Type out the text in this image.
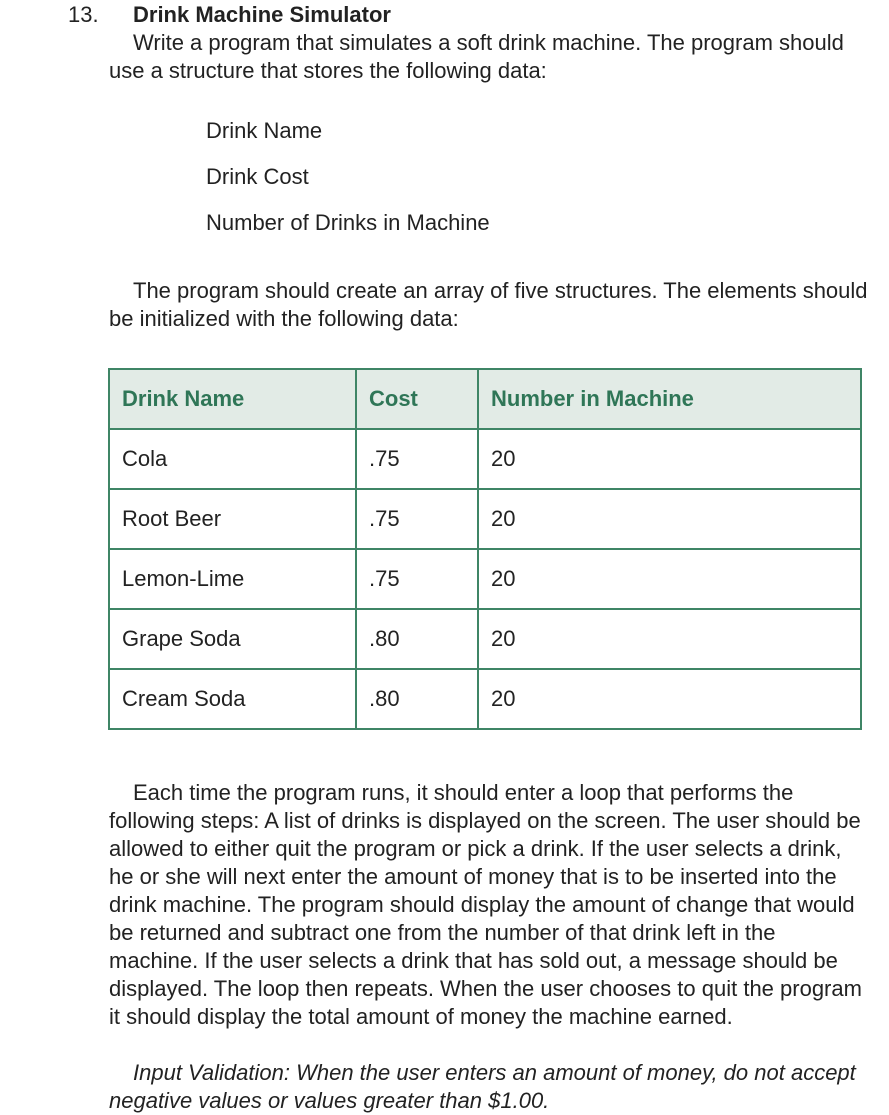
13. Drink Machine Simulator

Write a program that simulates a soft drink machine. The program should use a structure that stores the following data:

Drink Name
Drink Cost
Number of Drinks in Machine

The program should create an array of five structures. The elements should be initialized with the following data:

Drink Name	Cost	Number in Machine
Cola	.75	20
Root Beer	.75	20
Lemon-Lime	.75	20
Grape Soda	.80	20
Cream Soda	.80	20

Each time the program runs, it should enter a loop that performs the following steps: A list of drinks is displayed on the screen. The user should be allowed to either quit the program or pick a drink. If the user selects a drink, he or she will next enter the amount of money that is to be inserted into the drink machine. The program should display the amount of change that would be returned and subtract one from the number of that drink left in the machine. If the user selects a drink that has sold out, a message should be displayed. The loop then repeats. When the user chooses to quit the program it should display the total amount of money the machine earned.

Input Validation: When the user enters an amount of money, do not accept negative values or values greater than $1.00.
